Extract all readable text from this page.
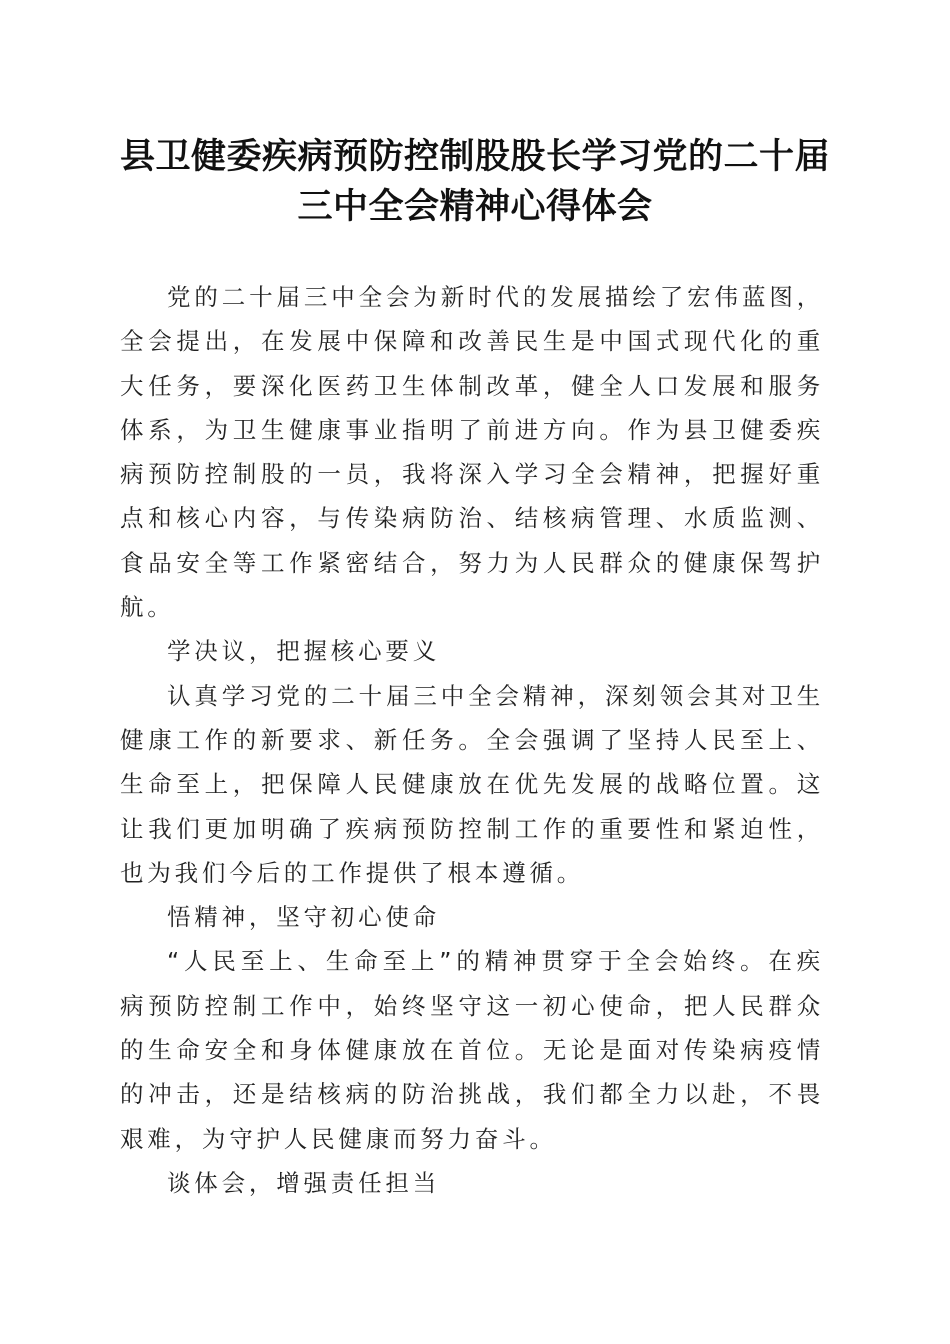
县卫健委疾病预防控制股股长学习党的二十届
三中全会精神心得体会

党的二十届三中全会为新时代的发展描绘了宏伟蓝图，全会提出，在发展中保障和改善民生是中国式现代化的重大任务，要深化医药卫生体制改革，健全人口发展和服务体系，为卫生健康事业指明了前进方向。作为县卫健委疾病预防控制股的一员，我将深入学习全会精神，把握好重点和核心内容，与传染病防治、结核病管理、水质监测、食品安全等工作紧密结合，努力为人民群众的健康保驾护航。

学决议，把握核心要义

认真学习党的二十届三中全会精神，深刻领会其对卫生健康工作的新要求、新任务。全会强调了坚持人民至上、生命至上，把保障人民健康放在优先发展的战略位置。这让我们更加明确了疾病预防控制工作的重要性和紧迫性，也为我们今后的工作提供了根本遵循。

悟精神，坚守初心使命

“人民至上、生命至上”的精神贯穿于全会始终。在疾病预防控制工作中，始终坚守这一初心使命，把人民群众的生命安全和身体健康放在首位。无论是面对传染病疫情的冲击，还是结核病的防治挑战，我们都全力以赴，不畏艰难，为守护人民健康而努力奋斗。

谈体会，增强责任担当
